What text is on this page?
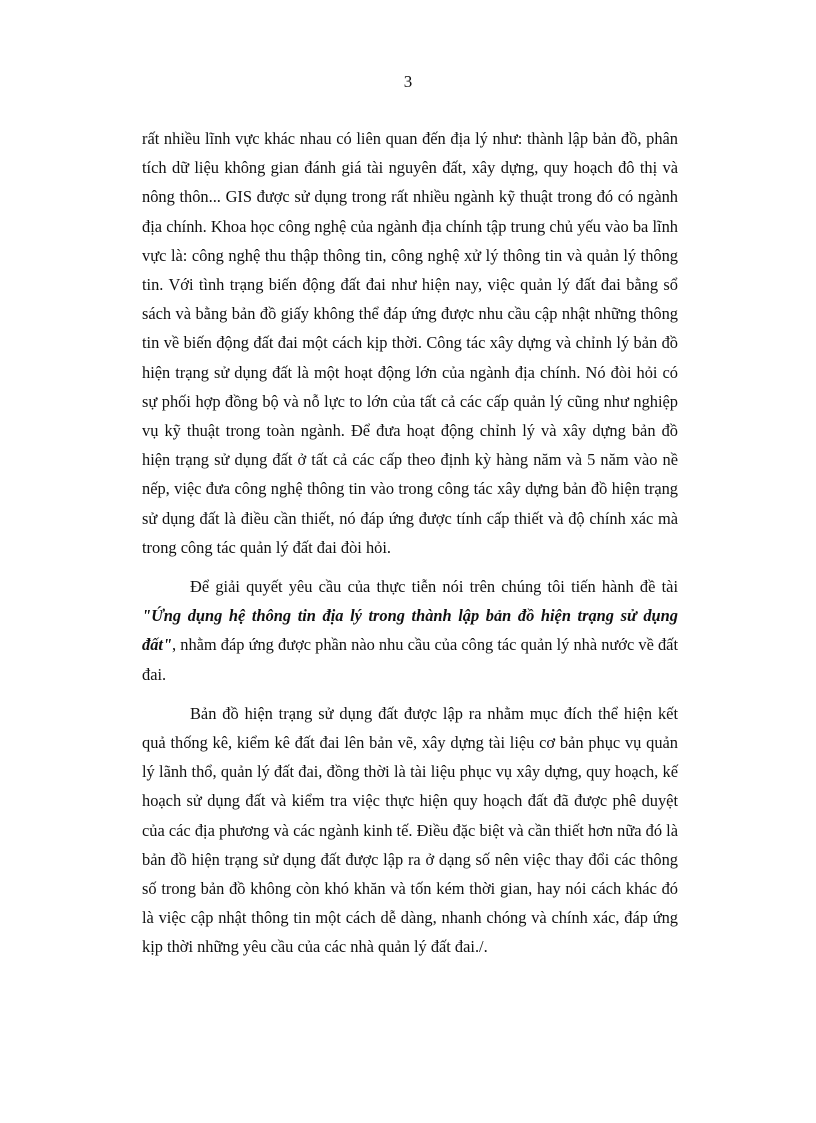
3

rất nhiều lĩnh vực khác nhau có liên quan đến địa lý như: thành lập bản đồ, phân tích dữ liệu không gian đánh giá tài nguyên đất, xây dựng, quy hoạch đô thị và nông thôn... GIS được sử dụng trong rất nhiều ngành kỹ thuật trong đó có ngành địa chính. Khoa học công nghệ của ngành địa chính tập trung chủ yếu vào ba lĩnh vực là: công nghệ thu thập thông tin, công nghệ xử lý thông tin và quản lý thông tin. Với tình trạng biến động đất đai như hiện nay, việc quản lý đất đai bằng sổ sách và bằng bản đồ giấy không thể đáp ứng được nhu cầu cập nhật những thông tin về biến động đất đai một cách kịp thời. Công tác xây dựng và chỉnh lý bản đồ hiện trạng sử dụng đất là một hoạt động lớn của ngành địa chính. Nó đòi hỏi có sự phối hợp đồng bộ và nỗ lực to lớn của tất cả các cấp quản lý cũng như nghiệp vụ kỹ thuật trong toàn ngành. Để đưa hoạt động chỉnh lý và xây dựng bản đồ hiện trạng sử dụng đất ở tất cả các cấp theo định kỳ hàng năm và 5 năm vào nề nếp, việc đưa công nghệ thông tin vào trong công tác xây dựng bản đồ hiện trạng sử dụng đất là điều cần thiết, nó đáp ứng được tính cấp thiết và độ chính xác mà trong công tác quản lý đất đai đòi hỏi.

Để giải quyết yêu cầu của thực tiễn nói trên chúng tôi tiến hành đề tài "Ứng dụng hệ thông tin địa lý trong thành lập bản đồ hiện trạng sử dụng đất", nhằm đáp ứng được phần nào nhu cầu của công tác quản lý nhà nước về đất đai.

Bản đồ hiện trạng sử dụng đất được lập ra nhằm mục đích thể hiện kết quả thống kê, kiểm kê đất đai lên bản vẽ, xây dựng tài liệu cơ bản phục vụ quản lý lãnh thổ, quản lý đất đai, đồng thời là tài liệu phục vụ xây dựng, quy hoạch, kế hoạch sử dụng đất và kiểm tra việc thực hiện quy hoạch đất đã được phê duyệt của các địa phương và các ngành kinh tế. Điều đặc biệt và cần thiết hơn nữa đó là bản đồ hiện trạng sử dụng đất được lập ra ở dạng số nên việc thay đổi các thông số trong bản đồ không còn khó khăn và tốn kém thời gian, hay nói cách khác đó là việc cập nhật thông tin một cách dễ dàng, nhanh chóng và chính xác, đáp ứng kịp thời những yêu cầu của các nhà quản lý đất đai./.
